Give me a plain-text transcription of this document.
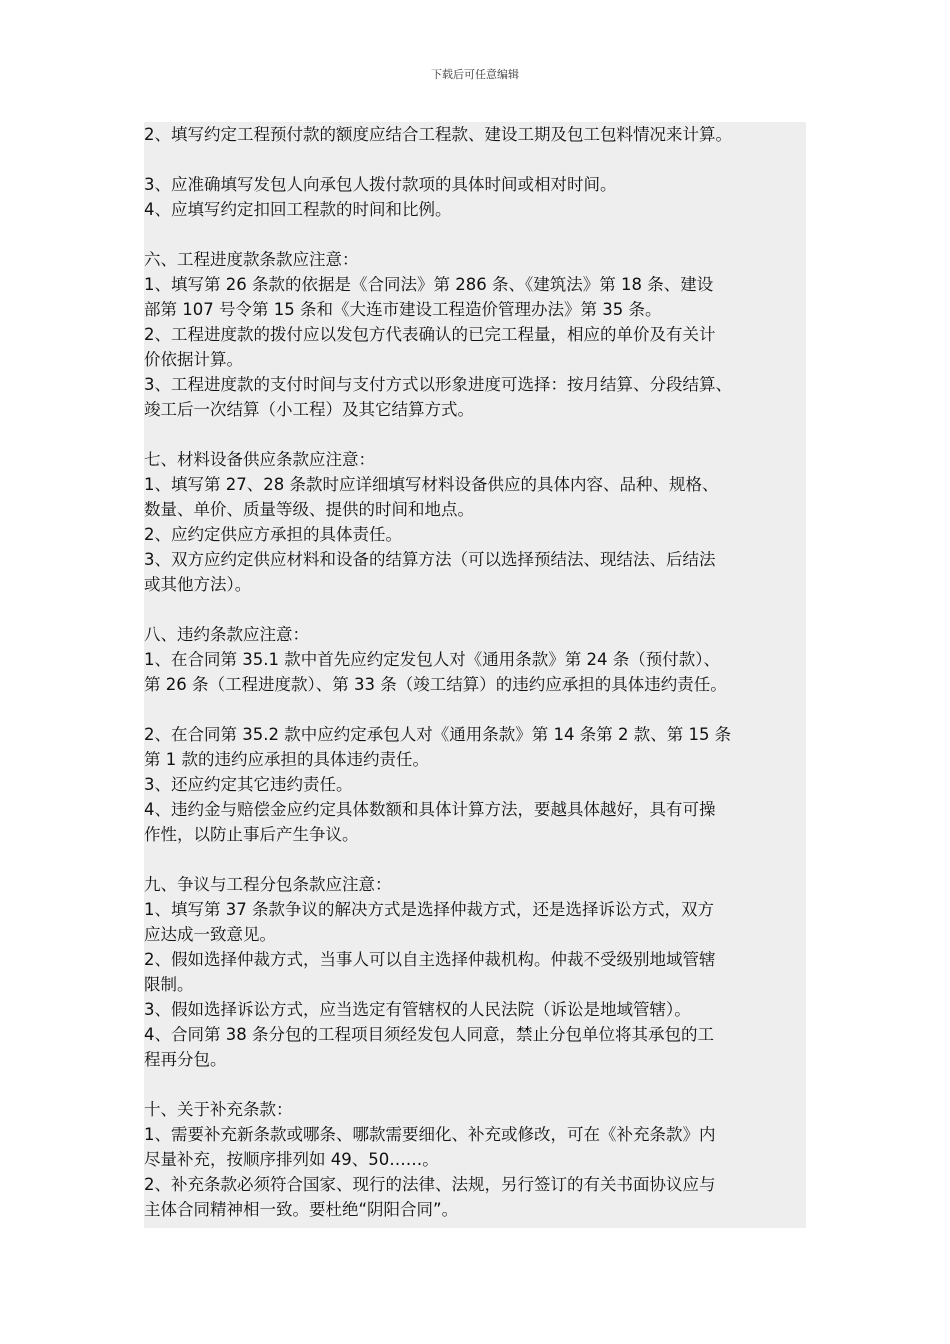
下载后可任意编辑
2、填写约定工程预付款的额度应结合工程款、建设工期及包工包料情况来计算。
3、应准确填写发包人向承包人拨付款项的具体时间或相对时间。
4、应填写约定扣回工程款的时间和比例。
六、工程进度款条款应注意：
1、填写第 26 条款的依据是《合同法》第 286 条、《建筑法》第 18 条、建设
部第 107 号令第 15 条和《大连市建设工程造价管理办法》第 35 条。
2、工程进度款的拨付应以发包方代表确认的已完工程量，相应的单价及有关计
价依据计算。
3、工程进度款的支付时间与支付方式以形象进度可选择：按月结算、分段结算、
竣工后一次结算（小工程）及其它结算方式。
七、材料设备供应条款应注意：
1、填写第 27、28 条款时应详细填写材料设备供应的具体内容、品种、规格、
数量、单价、质量等级、提供的时间和地点。
2、应约定供应方承担的具体责任。
3、双方应约定供应材料和设备的结算方法（可以选择预结法、现结法、后结法
或其他方法）。
八、违约条款应注意：
1、在合同第 35.1 款中首先应约定发包人对《通用条款》第 24 条（预付款）、
第 26 条（工程进度款）、第 33 条（竣工结算）的违约应承担的具体违约责任。
2、在合同第 35.2 款中应约定承包人对《通用条款》第 14 条第 2 款、第 15 条
第 1 款的违约应承担的具体违约责任。
3、还应约定其它违约责任。
4、违约金与赔偿金应约定具体数额和具体计算方法，要越具体越好，具有可操
作性，以防止事后产生争议。
九、争议与工程分包条款应注意：
1、填写第 37 条款争议的解决方式是选择仲裁方式，还是选择诉讼方式，双方
应达成一致意见。
2、假如选择仲裁方式，当事人可以自主选择仲裁机构。仲裁不受级别地域管辖
限制。
3、假如选择诉讼方式，应当选定有管辖权的人民法院（诉讼是地域管辖）。
4、合同第 38 条分包的工程项目须经发包人同意，禁止分包单位将其承包的工
程再分包。
十、关于补充条款：
1、需要补充新条款或哪条、哪款需要细化、补充或修改，可在《补充条款》内
尽量补充，按顺序排列如 49、50……。
2、补充条款必须符合国家、现行的法律、法规，另行签订的有关书面协议应与
主体合同精神相一致。要杜绝“阴阳合同”。
